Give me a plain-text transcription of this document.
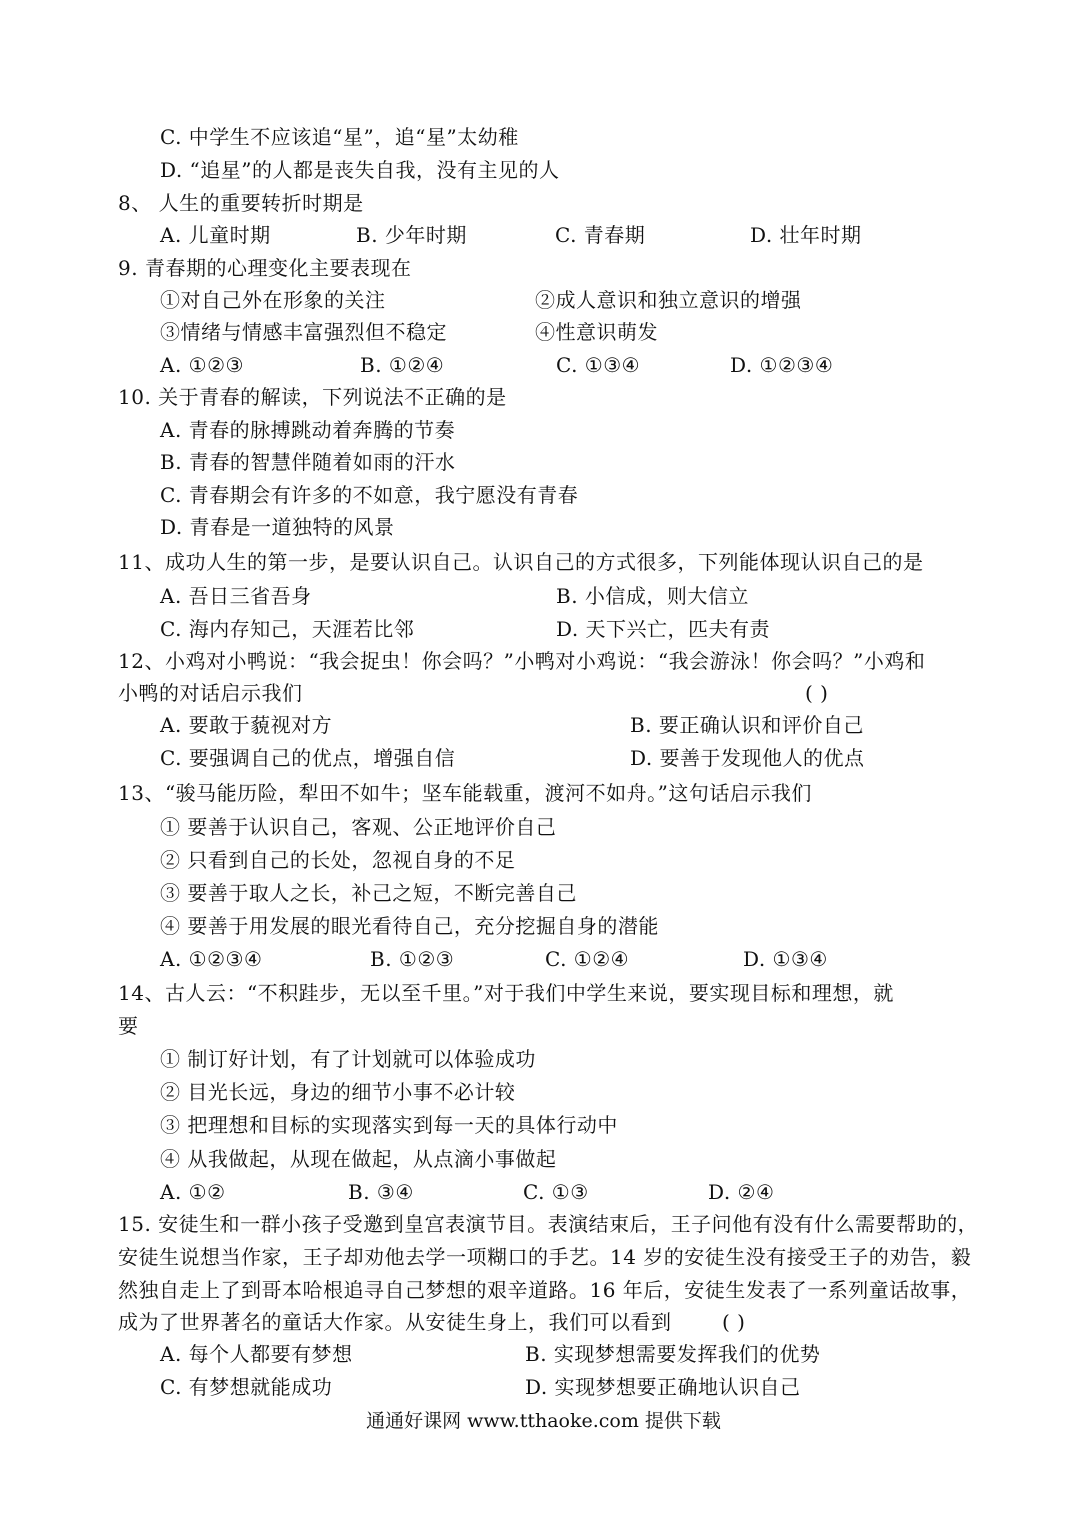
C. 中学生不应该追“星”，追“星”太幼稚
D. “追星”的人都是丧失自我，没有主见的人
8、 人生的重要转折时期是
A. 儿童时期	B. 少年时期	C. 青春期	D. 壮年时期
9. 青春期的心理变化主要表现在
①对自己外在形象的关注	②成人意识和独立意识的增强
③情绪与情感丰富强烈但不稳定	④性意识萌发
A. ①②③	B. ①②④	C. ①③④	D. ①②③④
10. 关于青春的解读，下列说法不正确的是
A. 青春的脉搏跳动着奔腾的节奏
B. 青春的智慧伴随着如雨的汗水
C. 青春期会有许多的不如意，我宁愿没有青春
D. 青春是一道独特的风景
11、成功人生的第一步，是要认识自己。认识自己的方式很多，下列能体现认识自己的是
A. 吾日三省吾身	B. 小信成，则大信立
C. 海内存知己，天涯若比邻	D. 天下兴亡，匹夫有责
12、小鸡对小鸭说：“我会捉虫！你会吗？”小鸭对小鸡说：“我会游泳！你会吗？”小鸡和
小鸭的对话启示我们	( )
A. 要敢于藐视对方	B. 要正确认识和评价自己
C. 要强调自己的优点，增强自信	D. 要善于发现他人的优点
13、“骏马能历险，犁田不如牛；坚车能载重，渡河不如舟。”这句话启示我们
① 要善于认识自己，客观、公正地评价自己
② 只看到自己的长处，忽视自身的不足
③ 要善于取人之长，补己之短，不断完善自己
④ 要善于用发展的眼光看待自己，充分挖掘自身的潜能
A. ①②③④	B. ①②③	C. ①②④	D. ①③④
14、古人云：“不积跬步，无以至千里。”对于我们中学生来说，要实现目标和理想，就
要
① 制订好计划，有了计划就可以体验成功
② 目光长远，身边的细节小事不必计较
③ 把理想和目标的实现落实到每一天的具体行动中
④ 从我做起，从现在做起，从点滴小事做起
A. ①②	B. ③④	C. ①③	D. ②④
15. 安徒生和一群小孩子受邀到皇宫表演节目。表演结束后，王子问他有没有什么需要帮助的，
安徒生说想当作家，王子却劝他去学一项糊口的手艺。14 岁的安徒生没有接受王子的劝告，毅
然独自走上了到哥本哈根追寻自己梦想的艰辛道路。16 年后，安徒生发表了一系列童话故事，
成为了世界著名的童话大作家。从安徒生身上，我们可以看到	( )
A. 每个人都要有梦想	B. 实现梦想需要发挥我们的优势
C. 有梦想就能成功	D. 实现梦想要正确地认识自己
通通好课网 www.tthaoke.com 提供下载
